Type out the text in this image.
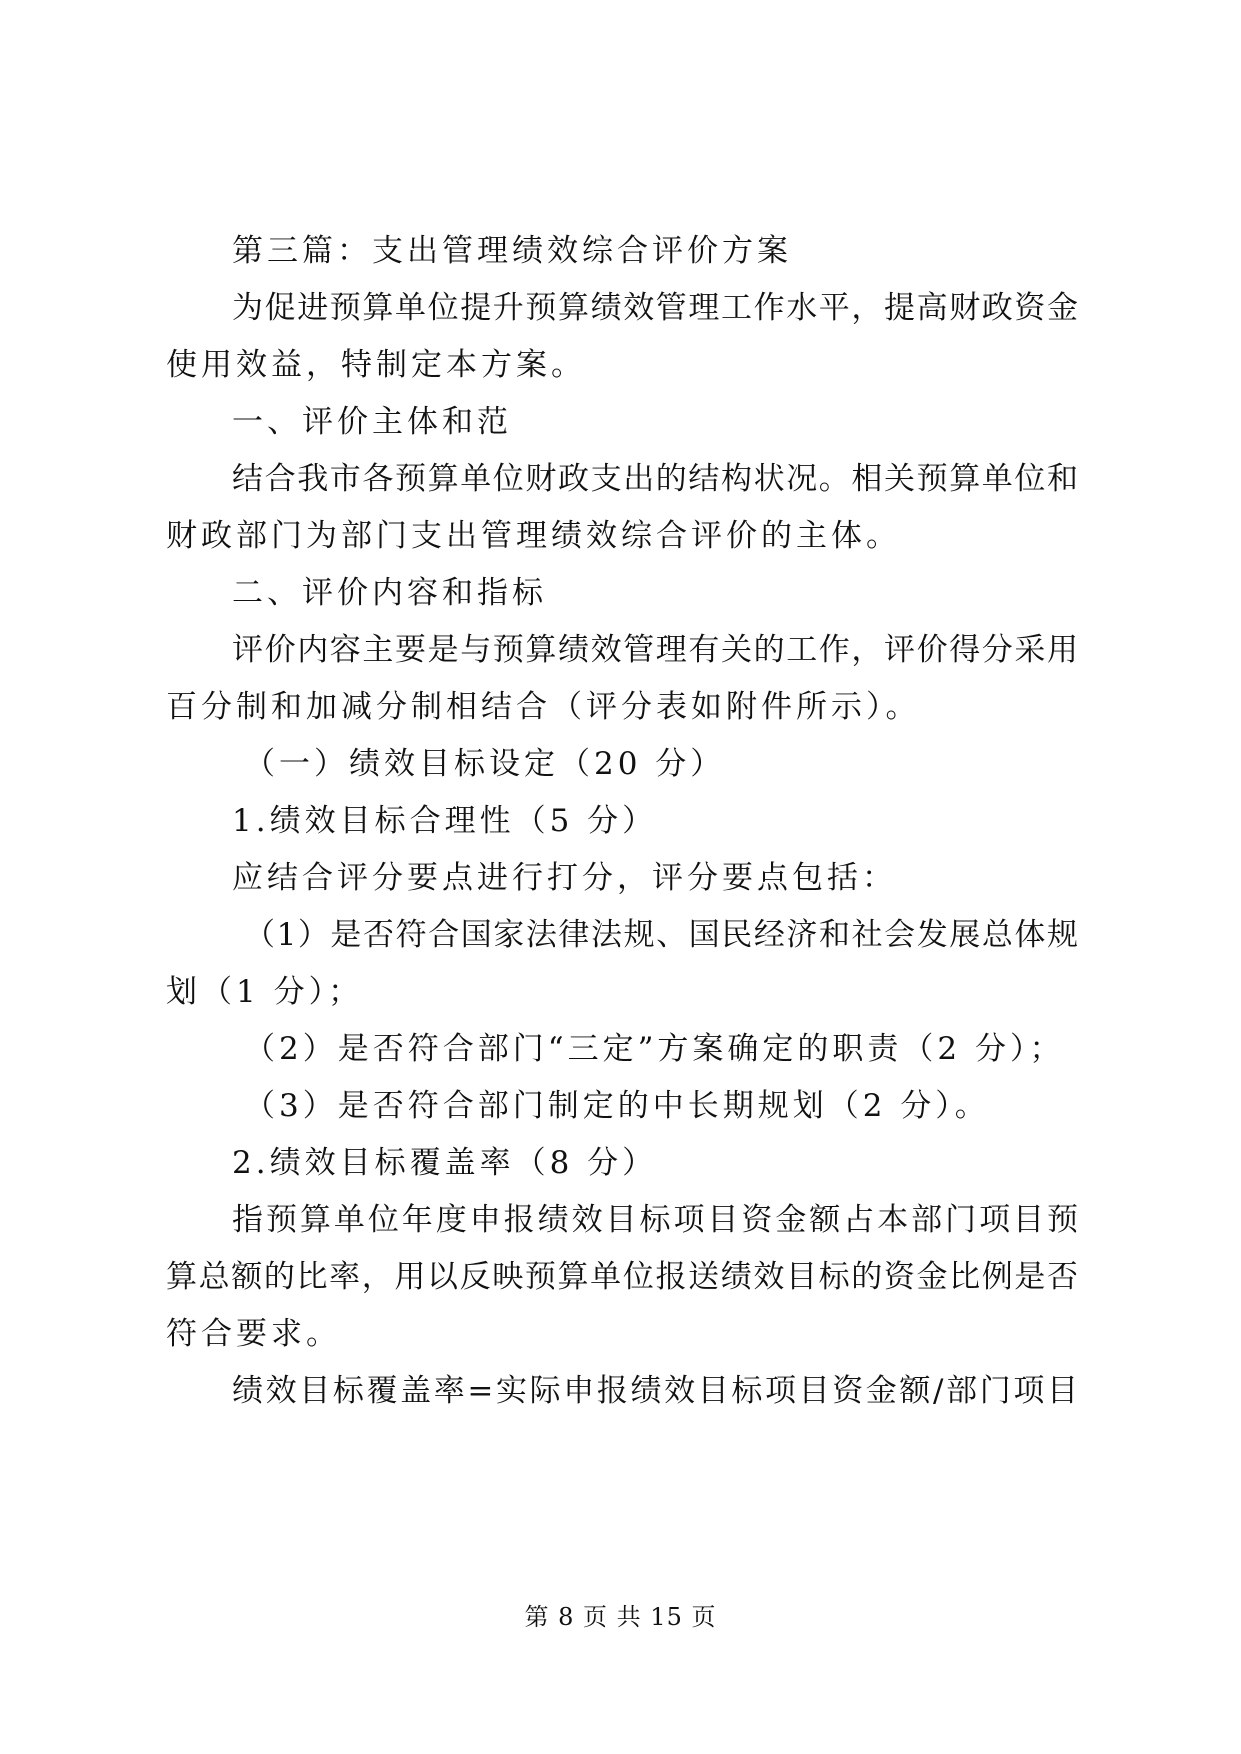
第三篇：支出管理绩效综合评价方案
为促进预算单位提升预算绩效管理工作水平，提高财政资金
使用效益，特制定本方案。
一、评价主体和范
结合我市各预算单位财政支出的结构状况。相关预算单位和
财政部门为部门支出管理绩效综合评价的主体。
二、评价内容和指标
评价内容主要是与预算绩效管理有关的工作，评价得分采用
百分制和加减分制相结合（评分表如附件所示）。
（一）绩效目标设定（20 分）
1.绩效目标合理性（5 分）
应结合评分要点进行打分，评分要点包括：
（1）是否符合国家法律法规、国民经济和社会发展总体规
划（1 分）；
（2）是否符合部门“三定”方案确定的职责（2 分）；
（3）是否符合部门制定的中长期规划（2 分）。
2.绩效目标覆盖率（8 分）
指预算单位年度申报绩效目标项目资金额占本部门项目预
算总额的比率，用以反映预算单位报送绩效目标的资金比例是否
符合要求。
绩效目标覆盖率=实际申报绩效目标项目资金额/部门项目
第 8 页 共 15 页
